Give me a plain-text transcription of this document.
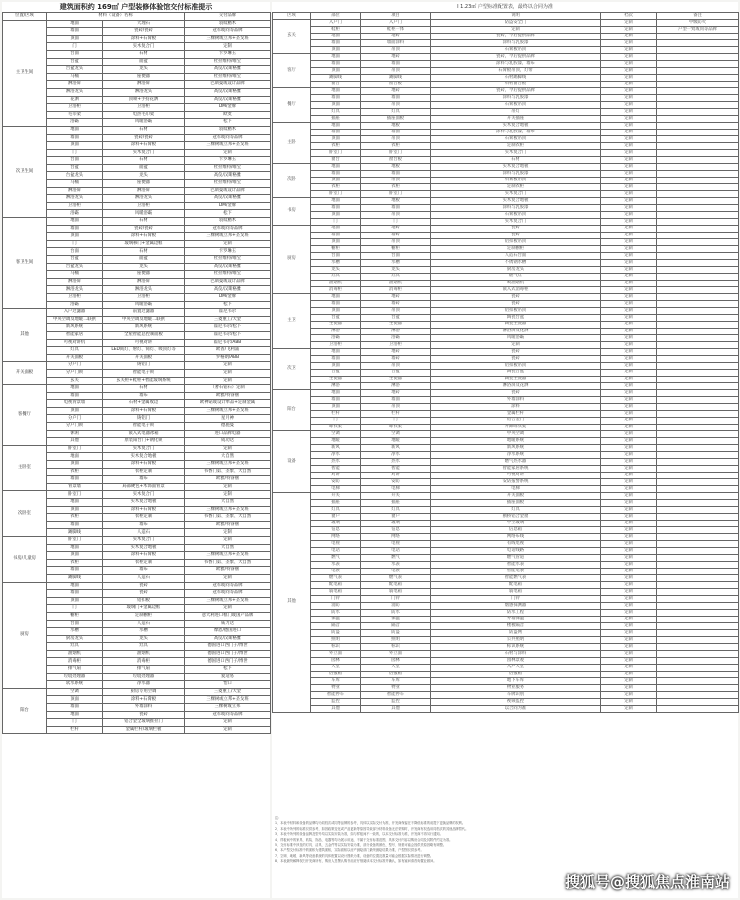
建筑面积约 169㎡ 户型装修体验馆交付标准提示
位置/区域	材料（设备）名称		交付品牌
主卫生间	地面	大理石	羽纹精木
	墙面	瓷砖/瓷砖	冠军或同等品牌
	顶面	涂料+石膏板	三棵树或立邦+圣戈班
	门	实木复合门	定制
	台面	石材	卡罗琳玉
	台盆	面盆	杜拉维特/唯宝
	台盆龙头	龙头	高仪/汉斯格雅
	马桶	座便器	杜拉维特/唯宝
	淋浴屏	淋浴屏	巴斯曼或设计品牌
	淋浴龙头	淋浴龙头	高仪/汉斯格雅
	花洒	顶喷+手持花洒	高仪/汉斯格雅
	卫浴柜	卫浴柜	DM/金牌
	毛巾架	电热毛巾架	欧麦
	浴霸	风暖浴霸	松下
次卫生间	地面	石材	羽纹精木
	墙面	瓷砖/瓷砖	冠军或同等品牌
	顶面	涂料+石膏板	三棵树或立邦+圣戈班
	门	实木复合门	定制
	台面	石材	卡罗琳玉
	台盆	面盆	杜拉维特/唯宝
	台盆龙头	龙头	高仪/汉斯格雅
	马桶	座便器	杜拉维特/唯宝
	淋浴屏	淋浴屏	巴斯曼或设计品牌
	淋浴龙头	淋浴龙头	高仪/汉斯格雅
	卫浴柜	卫浴柜	DM/金牌
	浴霸	风暖浴霸	松下
客卫生间	地面	石材	羽纹精木
	墙面	瓷砖/瓷砖	冠军或同等品牌
	顶面	涂料+石膏板	三棵树或立邦+圣戈班
	门	玻璃移门+金属边框	定制
	台面	石材	卡罗琳玉
	台盆	面盆	杜拉维特/唯宝
	台盆龙头	龙头	高仪/汉斯格雅
	马桶	座便器	杜拉维特/唯宝
	淋浴屏	淋浴屏	巴斯曼或设计品牌
	淋浴龙头	淋浴龙头	高仪/汉斯格雅
	卫浴柜	卫浴柜	DM/金牌
	浴霸	风暖浴霸	松下
其他	入户过滤器	前置过滤器	霍尼韦尔
	中央空调及地暖二联供	中央空调及地暖二联供	三菱重工/大金
	新风系统	新风系统	霍尼韦尔/松下
	智能家居	全屋智能总控制面板	霍尼韦尔/松下
	可视对讲机	可视对讲	霍尼韦尔/ABB
	灯具	LED筒灯、射灯、筒灯、吸顶灯等	欧普/飞利浦
	开关面板	开关面板	罗格朗/ABB
开关面板	分户门	铸铝门	定制
	分户门锁	智能电子锁	定制
	玄关	玄关柜+鞋柜+智能玻璃系统	定制
客餐厅	地面	石材	（奢石铂石）定制
	墙面	墙布	欧雅/特睿丽
	电视背景墙	石材+金属收边	欧神诺或设计单品+定制金属
	顶面	涂料+石膏板	三棵树或立邦+圣戈班
	分户门	铸铝门	星月神
	分户门锁	智能电子锁	德施曼
	休闲	嵌入式电器冰箱	进口品牌电器
	其他	原装阳台门+钢化锁	成功达
主卧室	卧室门	实木复合门	定制
	地面	实木复合地板	大自然
	顶面	涂料+石膏板	三棵树或立邦+圣戈班
	衣柜	衣柜定制	书香门第、圣象、大自然
	墙面	墙布	欧雅/特睿丽
	背景墙	局部硬包+木饰面背景	定制
次卧室	卧室门	实木复合门	定制
	地面	实木复合地板	大自然
	顶面	涂料+石膏板	三棵树或立邦+圣戈班
	衣柜	衣柜定制	书香门第、圣象、大自然
	墙面	墙布	欧雅/特睿丽
	踢脚线	人造石	定制
书房/儿童房	卧室门	实木复合门	定制
	地面	实木复合地板	大自然
	顶面	涂料+石膏板	三棵树或立邦+圣戈班
	衣柜	衣柜定制	书香门第、圣象、大自然
	墙面	墙布	欧雅/特睿丽
	踢脚线	人造石	定制
厨房	地面	瓷砖	冠军或同等品牌
	墙面	瓷砖	冠军或同等品牌
	顶面	铝扣板	三棵树或立邦+圣戈班
	门	玻璃门+金属边框	定制
	橱柜	定制橱柜	意大利进口框门或国产品牌
	台面	人造石	威力达
	水槽	水槽	摩恩/德国进口
	厨房龙头	龙头	高仪/汉斯格雅
	灶具	灶具	德国进口西门子/博世
	油烟机	油烟机	德国进口西门子/博世
	消毒柜	消毒柜	德国进口西门子/博世
	排气扇	排气扇	松下
	垃圾处理器	垃圾处理器	爱适易
	软水系统	净水器	怡口
阳台	空调	厨房专用空调	三菱重工/大金
	顶面	涂料+石膏板	三棵树或立邦+圣戈班
	墙面	外墙涂料	三棵树或立邦
	地面	瓷砖	冠军或同等品牌
	门	铝合金全玻璃推拉门	定制
	栏杆	金属栏杆/玻璃栏板	定制
I 1.23㎡ 户型标准配置表，最终以合同为准
区域	部位	项目	说明	档次	备注
玄关	入户门	入户门	防盗安全门	定制	甲级防火
	鞋柜	鞋柜一体	定制	定制	户型一致或同等品牌
	地面	地砖	瓷砖，今后提供品牌	定制	
	墙面	墙面涂料	涂料与乳胶漆	定制	
	顶面	吊顶	石膏板吊顶	定制	
客厅	地面	地砖	瓷砖，今后提供品牌	定制	
	墙面	墙面	涂料与乳胶漆，墙布	定制	
	顶面	吊顶	石膏板吊顶，灯带	定制	
	踢脚线	踢脚线	石材踢脚线	定制	
	窗台	窗台板	石材窗台板	定制	
餐厅	地面	地砖	瓷砖，今后提供品牌	定制	
	墙面	墙面	涂料与乳胶漆	定制	
	顶面	吊顶	石膏板吊顶	定制	
	灯具	灯具	吊灯	定制	
	插座	插座面板	开关插座	定制	
主卧	地面	地板	实木复合地板	定制	
	墙面	墙面	涂料与乳胶漆，墙布	定制	
	顶面	吊顶	石膏板吊顶	定制	
	衣柜	衣柜	定制衣柜	定制	
	卧室门	卧室门	实木复合门	定制	
	窗台	窗台板	石材	定制	
次卧	地面	地板	实木复合地板	定制	
	墙面	墙面	涂料与乳胶漆	定制	
	顶面	吊顶	石膏板吊顶	定制	
	衣柜	衣柜	定制衣柜	定制	
	卧室门	卧室门	实木复合门	定制	
书房	地面	地板	实木复合地板	定制	
	墙面	墙面	涂料与乳胶漆	定制	
	顶面	吊顶	石膏板吊顶	定制	
	门	门	实木复合门	定制	
厨房	地面	地砖	瓷砖	定制	
	墙面	墙砖	瓷砖	定制	
	顶面	吊顶	铝扣板吊顶	定制	
	橱柜	橱柜	定制橱柜	定制	
	台面	台面	人造石台面	定制	
	水槽	水槽	不锈钢水槽	定制	
	龙头	龙头	厨房龙头	定制	
	灶具	灶具	燃气灶	定制	
	油烟机	油烟机	吸油烟机	定制	
	消毒柜	消毒柜	嵌入式消毒柜	定制	
主卫	地面	地砖	瓷砖	定制	
	墙面	墙砖	瓷砖	定制	
	顶面	吊顶	铝扣板吊顶	定制	
	台盆	台盆	陶瓷台盆	定制	
	坐便器	坐便器	陶瓷坐便器	定制	
	淋浴	淋浴	淋浴屏及花洒	定制	
	浴霸	浴霸	风暖浴霸	定制	
	卫浴柜	卫浴柜	定制	定制	
次卫	地面	地砖	瓷砖	定制	
	墙面	墙砖	瓷砖	定制	
	顶面	吊顶	铝扣板吊顶	定制	
	台盆	台盆	陶瓷台盆	定制	
	坐便器	坐便器	陶瓷坐便器	定制	
	淋浴	淋浴	淋浴屏及花洒	定制	
阳台	地面	地砖	瓷砖	定制	
	墙面	墙面	外墙涂料	定制	
	顶面	吊顶	涂料	定制	
	栏杆	栏杆	金属栏杆	定制	
	门	门	铝合金门	定制	
	晾衣架	晾衣架	升降晾衣架	定制	
设备	空调	空调	中央空调	定制	
	地暖	地暖	地暖系统	定制	
	新风	新风	新风系统	定制	
	净水	净水	净水系统	定制	
	热水	热水	燃气热水器	定制	
	智能	智能	智能家居系统	定制	
	对讲	对讲	可视对讲	定制	
	安防	安防	安防报警系统	定制	
	电梯	电梯	电梯	定制	
其他	开关	开关	开关面板	定制	
	插座	插座	插座面板	定制	
	灯具	灯具	灯具	定制	
	窗户	窗户	断桥铝合金窗	定制	
	玻璃	玻璃	中空玻璃	定制	
	信息	信息	信息箱	定制	
	网络	网络	网络布线	定制	
	电视	电视	有线电视	定制	
	电话	电话	电话线路	定制	
	燃气	燃气	燃气管道	定制	
	水表	水表	智能水表	定制	
	电表	电表	智能电表	定制	
	燃气表	燃气表	智能燃气表	定制	
	配电箱	配电箱	配电箱	定制	
	弱电箱	弱电箱	弱电箱	定制	
	门铃	门铃	门铃	定制	
	消防	消防	烟感探测器	定制	
	防水	防水	防水工程	定制	
	保温	保温	外墙保温	定制	
	隔音	隔音	楼板隔音	定制	
	防盗	防盗	防盗网	定制	
	照明	照明	公共照明	定制	
	标识	标识	标识系统	定制	
	外立面	外立面	石材与涂料	定制	
	园林	园林	园林景观	定制	
	大堂	大堂	入户大堂	定制	
	信报箱	信报箱	信报箱	定制	
	车库	车库	地下车库	定制	
	物业	物业	物业服务	定制	
	智能停车	智能停车	车牌识别	定制	
	监控	监控	视频监控	定制	
	其他	其他	以合同为准	定制	

注：

1、本表中材料和设备的品牌均为同档次或同等品牌的参考，具体以实际交付为准，开发商保留在不降低标准的前提下更换品牌的权利。

2、本表中所列的标准仅供参考，如因政策变化或产品更新等原因导致部分材料设备无法采购时，开发商有权选用同档次的其他品牌替代。

3、本表中所列的设备品牌及型号均以实际安装为准，如与样板间不一致的，以本交付标准为准，开发商不再另行通知。

4、样板间中的家具、软装、饰品、电器等均为展示用途，不属于交付标准范围，具体交付内容以购房合同及其附件约定为准。

5、交付标准中涉及的灯具、洁具、五金件等以实际安装为准，部分设备的颜色、型号、规格可能会因供货原因略有调整。

6、本户型交付标准中的面积为建筑面积，实际面积以房产测绘部门最终测绘结果为准，户型图仅供参考。

7、空调、地暖、新风等设备系统的具体配置以设计图纸为准，设备的位置及数量可能会根据实际情况进行调整。

8、本表最终解释权归开发商所有，购房人签署认购书前应仔细阅读本交付标准并确认，如有疑问请咨询置业顾问。

搜狐号@搜狐焦点淮南站
